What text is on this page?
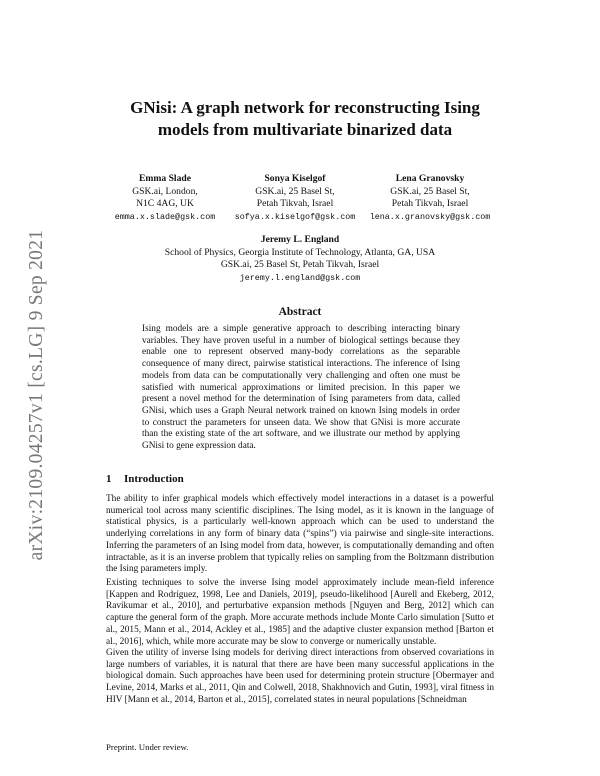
arXiv:2109.04257v1 [cs.LG] 9 Sep 2021
GNisi: A graph network for reconstructing Ising
models from multivariate binarized data
Emma Slade
GSK.ai, London,
N1C 4AG, UK
emma.x.slade@gsk.com
Sonya Kiselgof
GSK.ai, 25 Basel St,
Petah Tikvah, Israel
sofya.x.kiselgof@gsk.com
Lena Granovsky
GSK.ai, 25 Basel St,
Petah Tikvah, Israel
lena.x.granovsky@gsk.com
Jeremy L. England
School of Physics, Georgia Institute of Technology, Atlanta, GA, USA
GSK.ai, 25 Basel St, Petah Tikvah, Israel
jeremy.l.england@gsk.com
Abstract
Ising models are a simple generative approach to describing interacting binary variables. They have proven useful in a number of biological settings because they enable one to represent observed many-body correlations as the separable consequence of many direct, pairwise statistical interactions. The inference of Ising models from data can be computationally very challenging and often one must be satisfied with numerical approximations or limited precision. In this paper we present a novel method for the determination of Ising parameters from data, called GNisi, which uses a Graph Neural network trained on known Ising models in order to construct the parameters for unseen data. We show that GNisi is more accurate than the existing state of the art software, and we illustrate our method by applying GNisi to gene expression data.
1 Introduction
The ability to infer graphical models which effectively model interactions in a dataset is a powerful numerical tool across many scientific disciplines. The Ising model, as it is known in the language of statistical physics, is a particularly well-known approach which can be used to understand the underlying correlations in any form of binary data (“spins”) via pairwise and single-site interactions. Inferring the parameters of an Ising model from data, however, is computationally demanding and often intractable, as it is an inverse problem that typically relies on sampling from the Boltzmann distribution the Ising parameters imply.
Existing techniques to solve the inverse Ising model approximately include mean-field inference [Kappen and Rodríguez, 1998, Lee and Daniels, 2019], pseudo-likelihood [Aurell and Ekeberg, 2012, Ravikumar et al., 2010], and perturbative expansion methods [Nguyen and Berg, 2012] which can capture the general form of the graph. More accurate methods include Monte Carlo simulation [Sutto et al., 2015, Mann et al., 2014, Ackley et al., 1985] and the adaptive cluster expansion method [Barton et al., 2016], which, while more accurate may be slow to converge or numerically unstable.
Given the utility of inverse Ising models for deriving direct interactions from observed covariations in large numbers of variables, it is natural that there are have been many successful applications in the biological domain. Such approaches have been used for determining protein structure [Obermayer and Levine, 2014, Marks et al., 2011, Qin and Colwell, 2018, Shakhnovich and Gutin, 1993], viral fitness in HIV [Mann et al., 2014, Barton et al., 2015], correlated states in neural populations [Schneidman
Preprint. Under review.
